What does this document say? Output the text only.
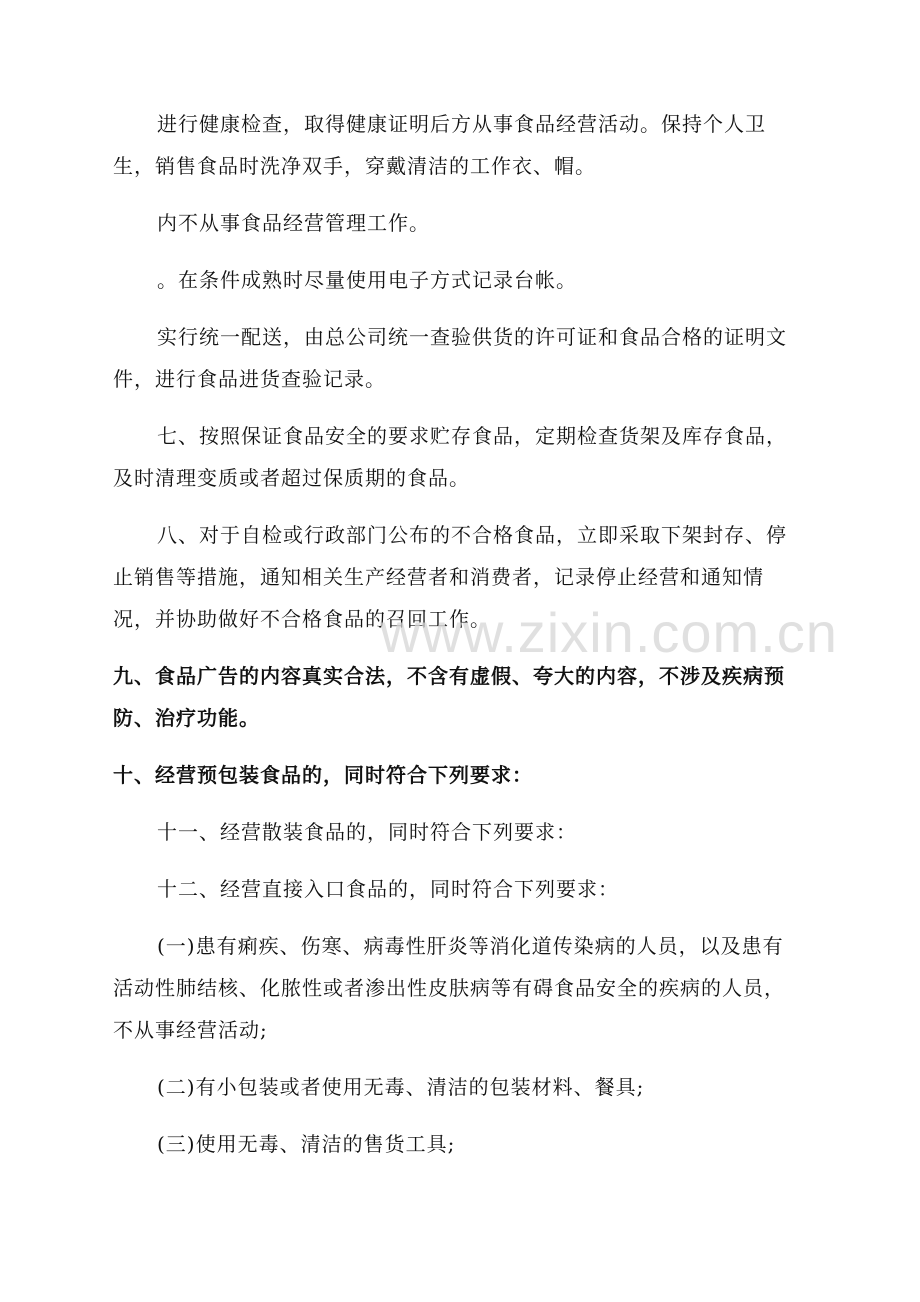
进行健康检查，取得健康证明后方从事食品经营活动。保持个人卫生，销售食品时洗净双手，穿戴清洁的工作衣、帽。

内不从事食品经营管理工作。

。在条件成熟时尽量使用电子方式记录台帐。

实行统一配送，由总公司统一查验供货的许可证和食品合格的证明文件，进行食品进货查验记录。

七、按照保证食品安全的要求贮存食品，定期检查货架及库存食品，及时清理变质或者超过保质期的食品。

八、对于自检或行政部门公布的不合格食品，立即采取下架封存、停止销售等措施，通知相关生产经营者和消费者，记录停止经营和通知情况，并协助做好不合格食品的召回工作。

九、食品广告的内容真实合法，不含有虚假、夸大的内容，不涉及疾病预防、治疗功能。

十、经营预包装食品的，同时符合下列要求：

十一、经营散装食品的，同时符合下列要求：

十二、经营直接入口食品的，同时符合下列要求：

(一)患有痢疾、伤寒、病毒性肝炎等消化道传染病的人员，以及患有活动性肺结核、化脓性或者渗出性皮肤病等有碍食品安全的疾病的人员，不从事经营活动;

(二)有小包装或者使用无毒、清洁的包装材料、餐具;

(三)使用无毒、清洁的售货工具;

www.zixin.com.cn
